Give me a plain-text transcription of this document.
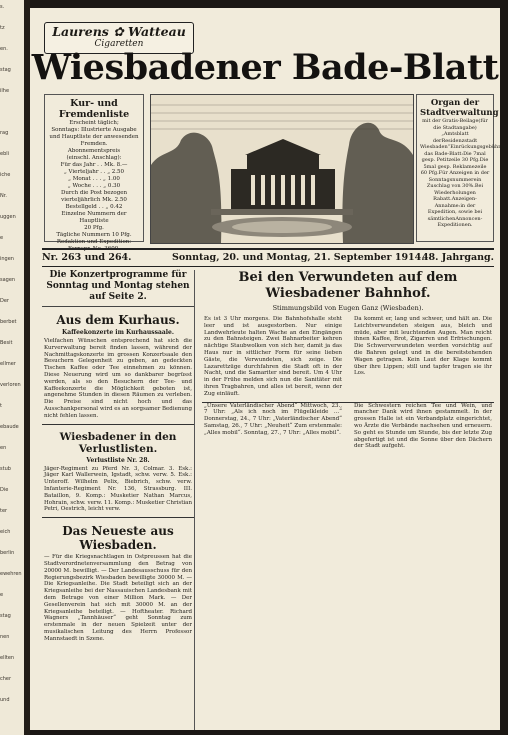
s.
tz
en.
stag
ilhe
rag
ebli
iche
Nr.
uggen
e
ingen
sagen
Der
berbet
Besit
ellmer
verloren
t
ebaude
en
stub
Die
ter
eich
berlin
ewehren
e
stag
nen
ellten
cher
und
Laurens ✿ Watteau
Cigaretten
Wiesbadener Bade-Blatt
Kur- und Fremdenliste
Erscheint täglich;
Sonntags: Illustrierte Ausgabe
und Hauptliste der anwesenden
Fremden.
Abonnementspreis
(einschl. Anschlag):
Für das Jahr . . Mk. 8.—
„ Vierteljahr . . „ 2.50
„ Monat . . . „ 1.00
„ Woche . . . „ 0.30
Durch die Post bezogen
vierteljährlich Mk. 2.50
Bestellgeld . . „ 0.42
Einzelne Nummern der Hauptliste
20 Pfg.
Tägliche Nummern 10 Pfg.
Redaktion und Expedition:
Fernspr. No. 3600.
Organ der Stadtverwaltung
mit der Gratis-Beilage(für die Stadtangabe)„Amtsblatt derResidenzstadt Wiesbaden“Einrückungsgebührfür das Bade-Blatt:Die 7mal gesp. Petitzeile 30 Pfg.Die 5mal gesp. Reklamezeile 60 Pfg.Für Anzeigen in der Sonntagsnummerein Zuschlag von 30%.Bei Wiederholungen Rabatt.Anzeigen-Annahme:in der Expedition, sowie bei sämtlichenAnnoncen-Expeditionen.
Nr. 263 und 264.	Sonntag, 20. und Montag, 21. September 1914.
48. Jahrgang.
Die Konzertprogramme für Sonntag und Montag stehen auf Seite 2.
Aus dem Kurhaus.
Kaffeekonzerte im Kurhaussaale.
Vielfachen Wünschen entsprechend hat sich die Kurverwaltung bereit finden lassen, während der Nachmittagskonzerte im grossen Konzertsaale den Besuchern Gelegenheit zu geben, an gedeckten Tischen Kaffee oder Tee einnehmen zu können. Diese Neuerung wird um so dankbarer begrüsst werden, als so den Besuchern der Tee- und Kaffeekonzerte die Möglichkeit geboten ist, angenehme Stunden in diesen Räumen zu verleben. Die Preise sind nicht hoch und das Ausschankpersonal wird es an sorgsamer Bedienung nicht fehlen lassen.
Wiesbadener in den Verlustlisten.
Verlustliste Nr. 28.
Jäger-Regiment zu Pferd Nr. 3, Colmar. 3. Esk.: Jäger Karl Wallerwein, Igstadt, schw. verw. 5. Esk.: Unteroff. Wilhelm Pelix, Biebrich, schw. verw. Infanterie-Regiment Nr. 136, Strassburg. III. Bataillon, 9. Komp.: Musketier Nathan Marcus, Hohrain, schw. verw. 11. Komp.: Musketier Christian Petri, Oestrich, leicht verw.
Das Neueste aus Wiesbaden.
— Für die Kriegsnachtlagen in Ostpreussen hat die Stadtverordnetenversammlung den Betrag von 20000 M. bewilligt. — Der Landesausschuss für den Regierungsbezirk Wiesbaden bewilligte 30000 M. — Die Kriegsanleihe. Die Stadt beteiligt sich an der Kriegsanleihe bei der Nassauischen Landesbank mit dem Betrage von einer Million Mark. — Der Gesellenverein hat sich mit 30000 M. an der Kriegsanleihe beteiligt. — Hoftheater. Richard Wagners „Tannhäuser“ geht Sonntag zum erstenmale in der neuen Spielzeit unter der musikalischen Leitung des Herrn Professor Mannstaedt in Szene.
Bei den Verwundeten auf dem Wiesbadener Bahnhof.
Stimmungsbild von Eugen Ganz (Wiesbaden).
Es ist 3 Uhr morgens. Die Bahnhofshalle steht leer und ist ausgestorben. Nur einige Landwehrleute halten Wache an den Eingängen zu den Bahnsteigen. Zwei Bahnarbeiter kehren nächtige Staubwolken von sich her, damit ja das Haus nur in sittlicher Form für seine lieben Gäste, die Verwundeten, sich zeige. Die Lazarettzüge durchfahren die Stadt oft in der Nacht, und die Samariter sind bereit. Um 4 Uhr in der Frühe melden sich nun die Sanitäter mit ihren Tragbahren, und alles ist bereit, wenn der Zug einläuft.
Da kommt er, lang und schwer, und hält an. Die Leichtverwundeten steigen aus, bleich und müde, aber mit leuchtenden Augen. Man reicht ihnen Kaffee, Brot, Zigarren und Erfrischungen. Die Schwerverwundeten werden vorsichtig auf die Bahren gelegt und in die bereitstehenden Wagen getragen. Kein Laut der Klage kommt über ihre Lippen; still und tapfer tragen sie ihr Los.
„Unsere Vaterländischer Abend“ Mittwoch, 23., 7 Uhr: „Als ich noch im Flügelkleide ...“ Donnerstag, 24., 7 Uhr: „Vaterländischer Abend“ Samstag, 26., 7 Uhr: „Neuheit“ Zum erstenmale: „Alles mobil“. Sonntag, 27., 7 Uhr: „Alles mobil“.
Die Schwestern reichen Tee und Wein, und mancher Dank wird ihnen gestammelt. In der grossen Halle ist ein Verbandplatz eingerichtet, wo Ärzte die Verbände nachsehen und erneuern. So geht es Stunde um Stunde, bis der letzte Zug abgefertigt ist und die Sonne über den Dächern der Stadt aufgeht.
